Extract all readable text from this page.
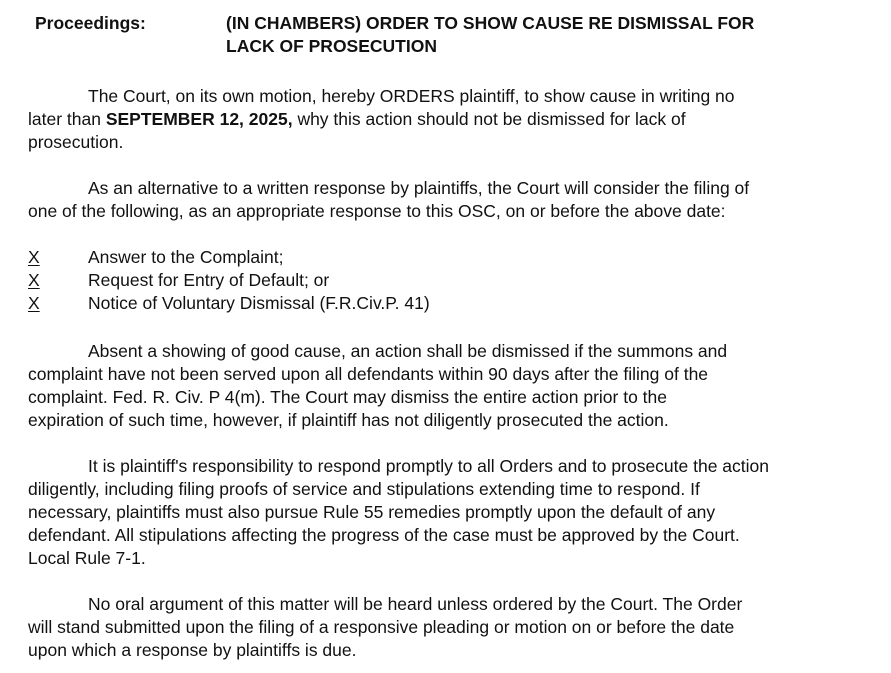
Proceedings:	(IN CHAMBERS) ORDER TO SHOW CAUSE RE DISMISSAL FOR
LACK OF PROSECUTION
The Court, on its own motion, hereby ORDERS plaintiff, to show cause in writing no
later than SEPTEMBER 12, 2025, why this action should not be dismissed for lack of
prosecution.
As an alternative to a written response by plaintiffs, the Court will consider the filing of
one of the following, as an appropriate response to this OSC, on or before the above date:
X	Answer to the Complaint;
X	Request for Entry of Default; or
X	Notice of Voluntary Dismissal (F.R.Civ.P. 41)
Absent a showing of good cause, an action shall be dismissed if the summons and
complaint have not been served upon all defendants within 90 days after the filing of the
complaint. Fed. R. Civ. P 4(m). The Court may dismiss the entire action prior to the
expiration of such time, however, if plaintiff has not diligently prosecuted the action.
It is plaintiff's responsibility to respond promptly to all Orders and to prosecute the action
diligently, including filing proofs of service and stipulations extending time to respond. If
necessary, plaintiffs must also pursue Rule 55 remedies promptly upon the default of any
defendant. All stipulations affecting the progress of the case must be approved by the Court.
Local Rule 7-1.
No oral argument of this matter will be heard unless ordered by the Court. The Order
will stand submitted upon the filing of a responsive pleading or motion on or before the date
upon which a response by plaintiffs is due.
